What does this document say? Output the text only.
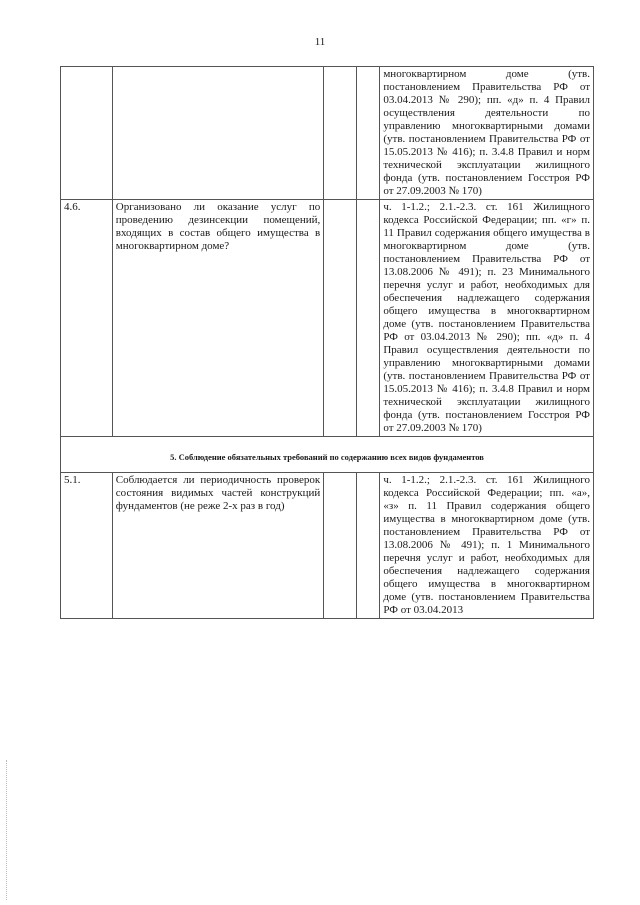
11
				многоквартирном доме (утв. постановлением Правительства РФ от 03.04.2013 № 290); пп. «д» п. 4 Правил осуществления деятельности по управлению многоквартирными домами (утв. постановлением Правительства РФ от 15.05.2013 № 416); п. 3.4.8 Правил и норм технической эксплуатации жилищного фонда (утв. постановлением Госстроя РФ от 27.09.2003 № 170)
4.6.	Организовано ли оказание услуг по проведению дезинсекции помещений, входящих в состав общего имущества в многоквартирном доме?			ч. 1-1.2.; 2.1.-2.3. ст. 161 Жилищного кодекса Российской Федерации; пп. «г» п. 11 Правил содержания общего имущества в многоквартирном доме (утв. постановлением Правительства РФ от 13.08.2006 № 491); п. 23 Минимального перечня услуг и работ, необходимых для обеспечения надлежащего содержания общего имущества в многоквартирном доме (утв. постановлением Правительства РФ от 03.04.2013 № 290); пп. «д» п. 4 Правил осуществления деятельности по управлению многоквартирными домами (утв. постановлением Правительства РФ от 15.05.2013 № 416); п. 3.4.8 Правил и норм технической эксплуатации жилищного фонда (утв. постановлением Госстроя РФ от 27.09.2003 № 170)
5. Соблюдение обязательных требований по содержанию всех видов фундаментов				
5.1.	Соблюдается ли периодичность проверок состояния видимых частей конструкций фундаментов (не реже 2-х раз в год)			ч. 1-1.2.; 2.1.-2.3. ст. 161 Жилищного кодекса Российской Федерации; пп. «а», «з» п. 11 Правил содержания общего имущества в многоквартирном доме (утв. постановлением Правительства РФ от 13.08.2006 № 491); п. 1 Минимального перечня услуг и работ, необходимых для обеспечения надлежащего содержания общего имущества в многоквартирном доме (утв. постановлением Правительства РФ от 03.04.2013
